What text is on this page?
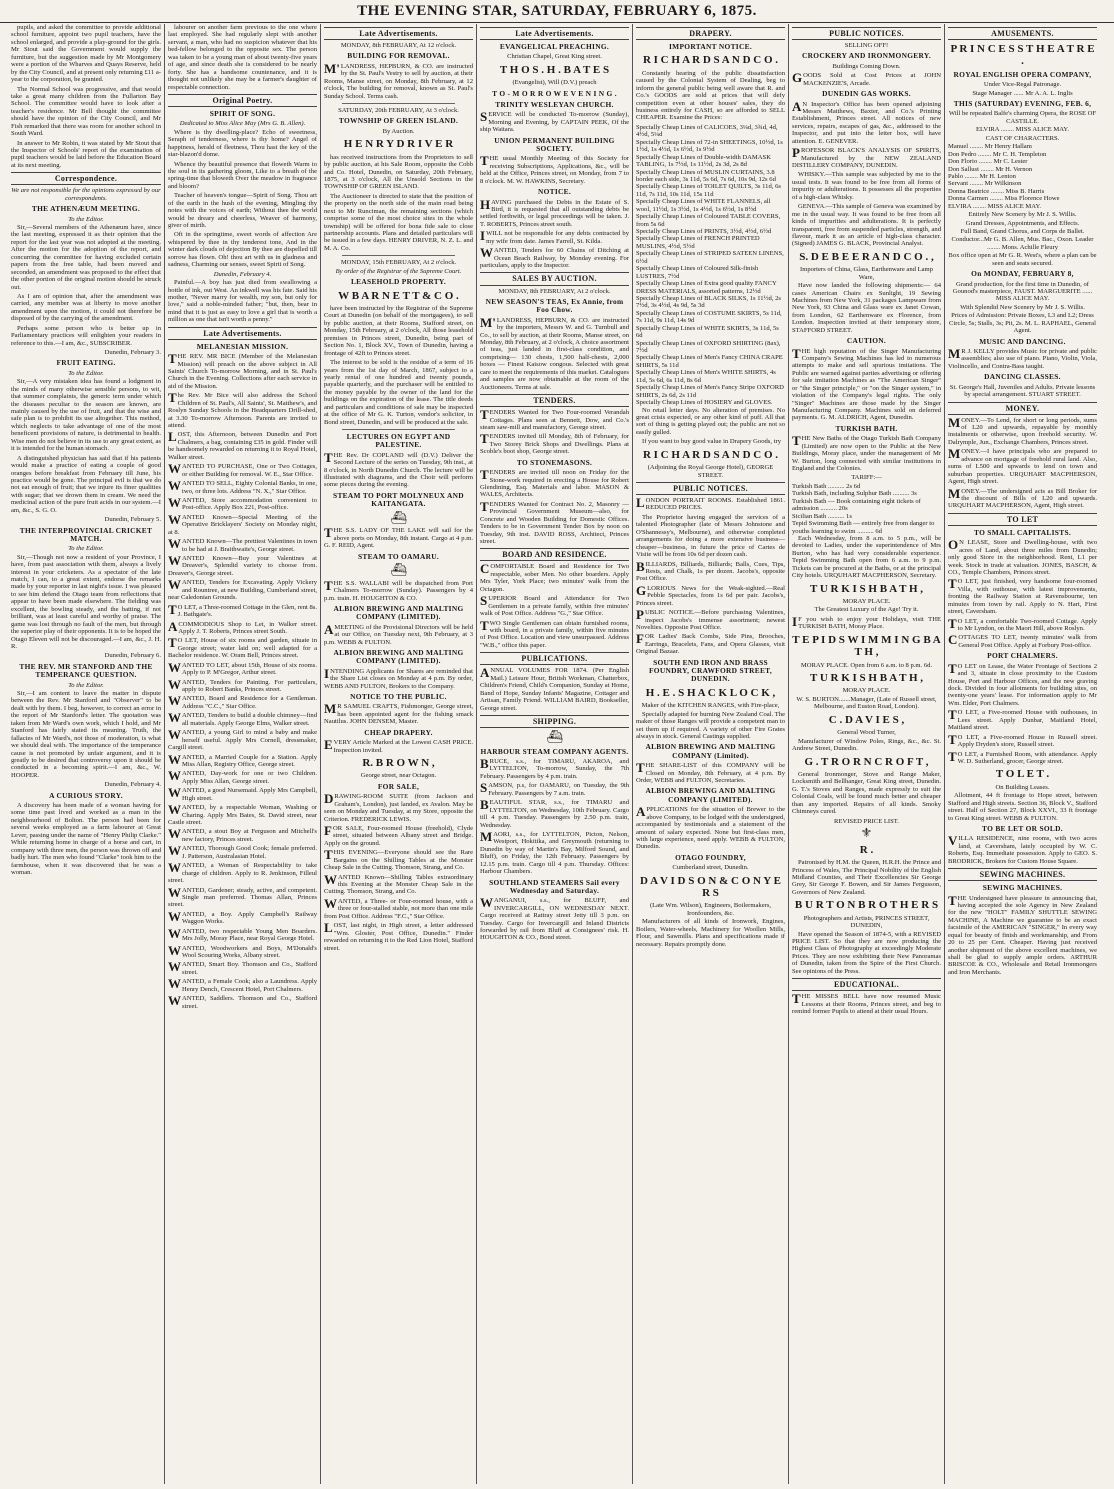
THE EVENING STAR, SATURDAY, FEBRUARY 6, 1875.
pupils, and asked the committee to provide additional school furniture, appoint two pupil teachers, have the school enlarged, and provide a play-ground for the girls. Mr Stout said the Government would supply the furniture, but the suggestion made by Mr Montgomery were a portion of the Wharves and Quays Reserve, held by the City Council, and at present only returning £11 a-year to the corporation, be granted.
The Normal School was progressive, and that would take a great many children from the Fullarton Bay School. The committee would have to look after a teacher's residence. Mr Bell thought the committee should have the opinion of the City Council, and Mr Fish remarked that there was room for another school in South Ward.
In answer to Mr Robin, it was stated by Mr Stout that the Inspector of Schools' report of the examination of pupil teachers would be laid before the Education Board at its next meeting.
Correspondence.
We are not responsible for the opinions expressed by our correspondents.
THE ATHENÆUM MEETING.
To the Editor.
Sir,—Several members of the Athenæum have, since the last meeting, expressed it as their opinion that the report for the last year was not adopted at the meeting. After the motion for the adoption of the report, and concurring the committee for having excluded certain papers from the free table, had been moved and seconded, an amendment was proposed to the effect that the other portion of the original motion should be struck out.
As I am of opinion that, after the amendment was carried, any member was at liberty to move another amendment upon the motion, it could not therefore be disposed of by the carrying of the amendment.
Perhaps some person who is better up in Parliamentary practices will enlighten your readers in reference to this.—I am, &c., SUBSCRIBER.
Dunedin, February 3.
FRUIT EATING.
To the Editor.
Sir,—A very mistaken idea has found a lodgment in the minds of many otherwise sensible persons, to wit, that summer complaints, the generic term under which the diseases peculiar to the season are known, are mainly caused by the use of fruit, and that the wise and safe plan is to prohibit its use altogether. This method, which neglects to take advantage of one of the most beneficent provisions of nature, is detrimental to health. Wise men do not believe in its use to any great extent, as it is intended for the human stomach.
A distinguished physician has said that if his patients would make a practice of eating a couple of good oranges before breakfast from February till June, his practice would be gone. The principal evil is that we do not eat enough of fruit; that we injure its finer qualities with sugar; that we drown them in cream. We need the medicinal action of the pure fruit acids in our system.—I am, &c., S. G. O.
Dunedin, February 5.
THE INTERPROVINCIAL CRICKET MATCH.
To the Editor.
Sir,—Though not now a resident of your Province, I have, from past association with them, always a lively interest in your cricketers. As a spectator of the late match, I can, to a great extent, endorse the remarks made by your reporter in last night's issue. I was pleased to see him defend the Otago team from reflections that appear to have been made elsewhere. The fielding was excellent, the bowling steady, and the batting, if not brilliant, was at least careful and worthy of praise. The game was lost through no fault of the men, but through the superior play of their opponents. It is to be hoped the Otago Eleven will not be discouraged.—I am, &c., J. H. R.
Dunedin, February 6.
THE REV. MR STANFORD AND THE TEMPERANCE QUESTION.
To the Editor.
Sir,—I am content to leave the matter in dispute between the Rev. Mr Stanford and "Observer" to be dealt with by them. I beg, however, to correct an error in the report of Mr Stanford's letter. The quotation was taken from Mr Ward's own work, which I hold, and Mr Stanford has fairly stated its meaning. Truth, the fallacies of Mr Ward's, not those of moderation, is what we should deal with. The importance of the temperance cause is not promoted by unfair argument, and it is greatly to be desired that controversy upon it should be conducted in a becoming spirit.—I am, &c., W. HOOPER.
Dunedin, February 4.
A CURIOUS STORY.
A discovery has been made of a woman having for some time past lived and worked as a man in the neighbourhood of Bolton. The person had been for several weeks employed as a farm labourer at Great Lever, passing under the name of "Henry Philip Clarke." While returning home in charge of a horse and cart, in company with three men, the person was thrown off and badly hurt. The men who found "Clarke" took him to the farmhouse, when it was discovered that he was a woman.
labourer on another farm previous to the one where last employed. She had regularly slept with another servant, a man, who had no suspicion whatever that his bed-fellow belonged to the opposite sex. The person was taken to be a young man of about twenty-five years of age, and since death she is considered to be nearly forty. She has a handsome countenance, and it is thought not unlikely she may be a farmer's daughter of respectable connection.
Original Poetry.
SPIRIT OF SONG.
Dedicated to Miss Alice May (Mrs G. B. Allen).
Where is thy dwelling-place? Echo of sweetness, Seraph of tenderness, where is thy home? Angel of happiness, herald of fleetness, Thou hast the key of the star-blazon'd dome.
Whence thy beautiful presence that floweth Warm to the soul in its gathering gloom, Like to a breath of the spring-time that bloweth Over the meadow in fragrance and bloom?
Teacher of heaven's tongue—Spirit of Song. Thou art of the earth in the hush of the evening, Mingling thy notes with the voices of earth; Without thee the world would be dreary and cheerless, Weaver of harmony, giver of mirth.
Oft in the springtime, sweet words of affection Are whispered by thee in thy tenderest tone, And in the winter dark clouds of dejection By thee are dispelled till sorrow has flown. Oh! thou art with us in gladness and sadness, Charming our senses, sweet Spirit of Song.
Dunedin, February 4.
Painful.—A boy has just died from swallowing a bottle of ink, out West. An inkwell was his fate. Said his mother, "Never marry for wealth, my son, but only for love," said a noble-minded father; "but, then, bear in mind that it is just as easy to love a girl that is worth a million as one that isn't worth a penny."
Late Advertisements.
MELANESIAN MISSION.
THE REV. MR BICE (Member of the Melanesian Mission) will preach on the above subject in All Saints' Church To-morrow Morning, and in St. Paul's Church in the Evening. Collections after each service in aid of the Mission.
The Rev. Mr Bice will also address the School Children of St. Paul's, All Saints', St. Matthew's, and Roslyn Sunday Schools in the Headquarters Drill-shed, at 3.30 To-morrow Afternoon. Parents are invited to attend.
LOST, this Afternoon, between Dunedin and Port Chalmers, a bag, containing £35 in gold. Finder will be handsomely rewarded on returning it to Royal Hotel, Walker street.
WANTED TO PURCHASE, One or Two Cottages, or either Building for removal. W. E., Star Office.
WANTED TO SELL, Eighty Colonial Banks, in one, two, or three lots. Address "N. X.," Star Office.
WANTED, Store accommodation convenient to Post-office. Apply Box 221, Post-office.
WANTED Known—Special Meeting of the Operative Bricklayers' Society on Monday night, at 8.
WANTED Known—The prettiest Valentines in town to be had at J. Braithwaite's, George street.
WANTED Known—Buy your Valentines at Dreaver's, Splendid variety to choose from. Dreaver's, George street.
WANTED, Tenders for Excavating. Apply Vickery and Rountree, at new Building, Cumberland street, near Caledonian Grounds.
TO LET, a Three-roomed Cottage in the Glen, rent 8s. J. Bathgate's.
ACOMMODIOUS Shop to Let, in Walker street. Apply J. T. Roberts, Princes street South.
TO LET, House of six rooms and garden, situate in George street; water laid on; well adapted for a Bachelor residence. W. Oram Bell, Princes street.
WANTED TO LET, about 15th, House of six rooms. Apply to P. M'Gregor, Arthur street.
WANTED, Tenders for Painting. For particulars, apply to Robert Banks, Princes street.
WANTED, Board and Residence for a Gentleman. Address "C.C.," Star Office.
WANTED, Tenders to build a double chimney—find all materials. Apply George Elms, Walker street.
WANTED, a young Girl to mind a baby and make herself useful. Apply Mrs Cornell, dressmaker, Cargill street.
WANTED, a Married Couple for a Station. Apply Miss Allan, Registry Office, George street.
WANTED, Day-work for one or two Children. Apply Miss Allan, George street.
WANTED, a good Nursemaid. Apply Mrs Campbell, High street.
WANTED, by a respectable Woman, Washing or Charing. Apply Mrs Bates, St. David street, near Castle street.
WANTED, a stout Boy at Ferguson and Mitchell's new factory, Princes street.
WANTED, Thorough Good Cook; female preferred. J. Patterson, Australasian Hotel.
WANTED, a Woman of Respectability to take charge of children. Apply to R. Jenkinson, Filleul street.
WANTED, Gardener; steady, active, and competent. Single man preferred. Thomas Allan, Princes street.
WANTED, a Boy. Apply Campbell's Railway Waggon Works.
WANTED, two respectable Young Men Boarders. Mrs Jolly, Moray Place, near Royal George Hotel.
WANTED, Woodworkers and Boys, M'Donald's Wool Scouring Works, Albany street.
WANTED, Smart Boy. Thomson and Co., Stafford street.
WANTED, a Female Cook; also a Laundress. Apply Henry Dench, Crescent Hotel, Port Chalmers.
WANTED, Saddlers. Thomson and Co., Stafford street.
Late Advertisements.
MONDAY, 8th FEBRUARY, At 12 o'clock.
BUILDING FOR REMOVAL.
M'LANDRESS, HEPBURN, & CO. are instructed by the St. Paul's Vestry to sell by auction, at their Rooms, Manse street, on Monday, 8th February, at 12 o'clock, The building for removal, known as St. Paul's Sunday School. Terms cash.
SATURDAY, 20th FEBRUARY, At 3 o'clock.
TOWNSHIP OF GREEN ISLAND.
By Auction.
H E N R Y D R I V E R
has received instructions from the Proprietors to sell by public auction, at his Sale Room, opposite the Cobb and Co. Hotel, Dunedin, on Saturday, 20th February, 1875, at 3 o'clock, All the Unsold Sections in the TOWNSHIP OF GREEN ISLAND.
The Auctioneer is directed to state that the position of the property on the north side of the main road being next to Mr Runciman, the remaining sections (which comprise some of the most choice sites in the whole township) will be offered for bona fide sale to close partnership accounts. Plans and detailed particulars will be issued in a few days. HENRY DRIVER, N. Z. L. and M. A. Co.
MONDAY, 15th FEBRUARY, At 2 o'clock.
By order of the Registrar of the Supreme Court.
LEASEHOLD PROPERTY.
W B A R N E T T & C O .
have been instructed by the Registrar of the Supreme Court at Dunedin (on behalf of the mortgagees), to sell by public auction, at their Rooms, Stafford street, on Monday, 15th February, at 2 o'clock, All those leasehold premises in Princes street, Dunedin, being part of Section No. 1, Block XV., Town of Dunedin, having a frontage of 42ft to Princes street.
The interest to be sold is the residue of a term of 16 years from the 1st day of March, 1867, subject to a yearly rental of one hundred and twenty pounds, payable quarterly, and the purchaser will be entitled to the money payable by the owner of the land for the buildings on the expiration of the lease. The title deeds and particulars and conditions of sale may be inspected at the office of Mr G. K. Turton, vendor's solicitor, in Bond street, Dunedin, and will be produced at the sale.
LECTURES ON EGYPT AND PALESTINE.
THE Rev. Dr COPLAND will (D.V.) Deliver the Second Lecture of the series on Tuesday, 9th inst., at 8 o'clock, in North Dunedin Church. The lecture will be illustrated with diagrams, and the Choir will perform some pieces during the evening.
STEAM TO PORT MOLYNEUX AND KAITANGATA.
⛴
THE S.S. LADY OF THE LAKE will sail for the above ports on Monday, 8th instant. Cargo at 4 p.m. G. F. REID, Agent.
STEAM TO OAMARU.
⛴
THE S.S. WALLABI will be dispatched from Port Chalmers To-morrow (Sunday). Passengers by 4 p.m. train. H. HOUGHTON & CO.
ALBION BREWING AND MALTING COMPANY (LIMITED).
AMEETING of the Provisional Directors will be held at our Office, on Tuesday next, 9th February, at 3 p.m. WEBB & FULTON.
ALBION BREWING AND MALTING COMPANY (LIMITED).
INTENDING Applicants for Shares are reminded that the Share List closes on Monday at 4 p.m. By order, WEBB AND FULTON, Brokers to the Company.
NOTICE TO THE PUBLIC.
MR SAMUEL CRAFTS, Fishmonger, George street, has been appointed agent for the fishing smack Nautilus. JOHN DENSEM, Master.
CHEAP DRAPERY.
EVERY Article Marked at the Lowest CASH PRICE. Inspection invited.
R. B R O W N ,
George street, near Octagon.
FOR SALE,
DRAWING-ROOM SUITE (from Jackson and Graham's, London), just landed, ex Avalon. May be seen on Monday and Tuesday, at my Store, opposite the Criterion. FREDERICK LEWIS.
FOR SALE, Four-roomed House (freehold), Clyde street, situated between Albany street and Bridge. Apply on the ground.
THIS EVENING—Everyone should see the Rare Bargains on the Shilling Tables at the Monster Cheap Sale in the Cutting. Thomson, Strang, and Co.
WANTED Known—Shilling Tables extraordinary this Evening at the Monster Cheap Sale in the Cutting. Thomson, Strang, and Co.
WANTED, a Three- or Four-roomed house, with a three or four-stalled stable, not more than one mile from Post Office. Address "F.C.," Star Office.
LOST, last night, in High street, a letter addressed "Wm. Gloster, Post Office, Dunedin." Finder rewarded on returning it to the Red Lion Hotel, Stafford street.
Late Advertisements.
EVANGELICAL PREACHING.
Christian Chapel, Great King street.
T H O S . H . B A T E S
(Evangelist), Will (D.V.) preach
T O - M O R R O W E V E N I N G .
TRINITY WESLEYAN CHURCH.
SERVICE will be conducted To-morrow (Sunday), Morning and Evening, by CAPTAIN PEEK, Of the ship Waitara.
UNION PERMANENT BUILDING SOCIETY.
THE usual Monthly Meeting of this Society for receiving Subscriptions, Applications, &c., will be held at the Office, Princes street, on Monday, from 7 to 8 o'clock. M. W. HAWKINS, Secretary.
NOTICE.
HAVING purchased the Debts in the Estate of S. Bird, it is requested that all outstanding debts be settled forthwith, or legal proceedings will be taken. J. T. ROBERTS, Princes street south.
IWILL not be responsible for any debts contracted by my wife from date. James Farrell, St. Kilda.
WANTED, Tenders for 60 Chains of Ditching at Ocean Beach Railway, by Monday evening. For particulars, apply to the Inspector.
SALES BY AUCTION.
MONDAY, 8th FEBRUARY, At 2 o'clock.
NEW SEASON'S TEAS, Ex Annie, from Foo Chow.
M'LANDRESS, HEPBURN, & CO. are instructed by the importers, Messrs W. and G. Turnbull and Co., to sell by auction, at their Rooms, Manse street, on Monday, 8th February, at 2 o'clock, A choice assortment of teas, just landed in first-class condition, and comprising— 130 chests, 1,500 half-chests, 2,000 boxes — Finest Kaisow congous. Selected with great care to meet the requirements of this market. Catalogues and samples are now obtainable at the room of the Auctioneers. Terms at sale.
TENDERS.
TENDERS Wanted for Two Four-roomed Verandah Cottages. Plans seen at Bennett, Dow, and Co.'s steam saw-mill and manufactory, George street.
TENDERS invited till Monday, 8th of February, for Two Storey Brick Shops and Dwellings. Plans at Scoble's boot shop, George street.
TO STONEMASONS.
TENDERS are invited till noon on Friday for the Stone-work required in erecting a House for Robert Glendining, Esq. Materials and labor. MASON & WALES, Architects.
TENDERS Wanted for Contract No. 2, Masonry — Provincial Government Museum—also, for Concrete and Wooden Building for Domestic Offices. Tenders to be in Government Tender Box by noon on Tuesday, 9th inst. DAVID ROSS, Architect, Princes street.
BOARD AND RESIDENCE.
COMFORTABLE Board and Residence for Two respectable, sober Men. No other boarders. Apply Mrs Tyler, York Place; two minutes' walk from the Octagon.
SUPERIOR Board and Attendance for Two Gentlemen in a private family, within five minutes' walk of Post Office. Address "G.," Star Office.
TWO Single Gentlemen can obtain furnished rooms, with board, in a private family, within five minutes of Post Office. Location and view unsurpassed. Address "W.B.," office this paper.
PUBLICATIONS.
ANNUAL VOLUMES FOR 1874. (Per English Mail.) Leisure Hour, British Workman, Chatterbox, Children's Friend, Child's Companion, Sunday at Home, Band of Hope, Sunday Infants' Magazine, Cottager and Artisan, Family Friend. WILLIAM BAIRD, Bookseller, George street.
SHIPPING.
⛴
HARBOUR STEAM COMPANY AGENTS.
BRUCE, s.s., for TIMARU, AKAROA, and LYTTELTON, To-morrow, Sunday, the 7th February. Passengers by 4 p.m. train.
SAMSON, p.s, for OAMARU, on Tuesday, the 9th February. Passengers by 7 a.m. train.
BEAUTIFUL STAR, s.s., for TIMARU and LYTTELTON, on Wednesday, 10th February. Cargo till 4 p.m. Tuesday. Passengers by 2.50 p.m. train, Wednesday.
MAORI, s.s., for LYTTELTON, Picton, Nelson, Westport, Hokitika, and Greymouth (returning to Dunedin by way of Martin's Bay, Milford Sound, and Bluff), on Friday, the 12th February. Passengers by 12.15 p.m. train. Cargo till 4 p.m. Thursday. Offices: Harbour Chambers.
SOUTHLAND STEAMERS Sail every Wednesday and Saturday.
WANGANUI, s.s., for BLUFF, and INVERCARGILL, ON WEDNESDAY NEXT. Cargo received at Rattray street Jetty till 3 p.m. on Tuesday. Cargo for Invercargill and Inland Districts forwarded by rail from Bluff at Consignees' risk. H. HOUGHTON & CO., Bond street.
DRAPERY.
IMPORTANT NOTICE.
R I C H A R D S A N D C O .
Constantly hearing of the public dissatisfaction caused by the Colonial System of Dealing, beg to inform the general public being well aware that R. and Co.'s GOODS are sold at prices that will defy competition even at other houses' sales, they do business entirely for CASH, so are afforded to SELL CHEAPER. Examine the Prices:
Specially Cheap Lines of CALICOES, 3¼d, 3¾d, 4d, 4½d, 5¼d
Specially Cheap Lines of 72-in SHEETINGS, 10½d, 1s 1½d, 1s 4½d, 1s 6½d, 1s 9½d
Specially Cheap Lines of Double-width DAMASK TABLING, 1s 7½d, 1s 11½d, 2s 3d, 2s 8d
Specially Cheap Lines of MUSLIN CURTAINS, 3.8 border each side, 3s 11d, 5s 6d, 7s 6d, 10s 9d, 12s 6d
Specially Cheap Lines of TOILET QUILTS, 3s 11d, 6s 11d, 7s 11d, 10s 11d, 15s 11d
Specially Cheap Lines of WHITE FLANNELS, all wool, 11½d, 1s 3½d, 1s 4½d, 1s 6½d, 1s 8½d
Specially Cheap Lines of Coloured TABLE COVERS, from 5s 6d
Specially Cheap Lines of PRINTS, 3½d, 4½d, 6½d
Specially Cheap Lines of FRENCH PRINTED MUSLINS, 4½d, 5½d
Specially Cheap Lines of STRIPED SATEEN LINENS, 6½d
Specially Cheap Lines of Coloured Silk-finish LUSTRES, 7½d
Specially Cheap Lines of Extra good quality FANCY DRESS MATERIALS, assorted patterns, 12½d
Specially Cheap Lines of BLACK SILKS, 1s 11½d, 2s 7½d, 3s 4½d, 4s 9d, 5s 3d
Specially Cheap Lines of COSTUME SKIRTS, 5s 11d, 7s 11d, 9s 11d, 14s 9d
Specially Cheap Lines of WHITE SKIRTS, 3s 11d, 5s 6d
Specially Cheap Lines of OXFORD SHIRTING (8ax), 7½d
Specially Cheap Lines of Men's Fancy CHINA CRAPE SHIRTS, 5s 11d
Specially Cheap Lines of Men's WHITE SHIRTS, 4s 11d, 5s 6d, 6s 11d, 8s 6d
Specially Cheap Lines of Men's Fancy Stripe OXFORD SHIRTS, 2s 6d, 2s 11d
Specially Cheap Lines of HOSIERY and GLOVES.
No retail letter days. No alteration of premises. No great crisis expected, or any other kind of puff. All that sort of thing is getting played out; the public are not so easily gulled.
If you want to buy good value in Drapery Goods, try
R I C H A R D S A N D C O .
(Adjoining the Royal George Hotel), GEORGE STREET.
PUBLIC NOTICES.
LONDON PORTRAIT ROOMS. Established 1861. REDUCED PRICES.
The Proprietor having engaged the services of a talented Photographer (late of Messrs Johnstone and O'Shannessy's, Melbourne), and otherwise completed arrangements for doing a more extensive business—cheaper—business, in future the price of Cartes de Visite will be from 10s 6d per dozen cash.
BILLIARDS, Billiards, Billiards; Balls, Cues, Tips, Rests, and Chalk, 1s per dozen. Jacobs's, opposite Post Office.
GLORIOUS News for the Weak-sighted.—Real Pebble Spectacles, from 1s 6d per pair. Jacobs's, Princes street.
PUBLIC NOTICE.—Before purchasing Valentines, inspect Jacobs's immense assortment; newest Novelties. Opposite Post Office.
FOR Ladies' Back Combs, Side Pins, Brooches, Earrings, Bracelets, Fans, and Opera Glasses, visit Original Bazaar.
SOUTH END IRON AND BRASS FOUNDRY, CRAWFORD STREET, DUNEDIN.
H . E . S H A C K L O C K ,
Maker of the KITCHEN RANGES, with Fire-place,
Specially adapted for burning New Zealand Coal. The maker of those Ranges will provide a competent man to set them up if required. A variety of other Fire Grates always in stock. General Castings supplied.
ALBION BREWING AND MALTING COMPANY (Limited).
THE SHARE-LIST of this COMPANY will be Closed on Monday, 8th February, at 4 p.m. By Order, WEBB and FULTON, Secretaries.
ALBION BREWING AND MALTING COMPANY (LIMITED).
APPLICATIONS for the situation of Brewer to the above Company, to be lodged with the undersigned, accompanied by testimonials and a statement of the amount of salary expected. None but first-class men, with large experience, need apply. WEBB & FULTON, Dunedin.
OTAGO FOUNDRY,
Cumberland street, Dunedin.
D A V I D S O N & C O N Y E R S
(Late Wm. Wilson), Engineers, Boilermakers, Ironfounders, &c.
Manufacturers of all kinds of Ironwork, Engines, Boilers, Water-wheels, Machinery for Woollen Mills, Flour, and Sawmills. Plans and specifications made if necessary. Repairs promptly done.
PUBLIC NOTICES.
SELLING OFF!
CROCKERY AND IRONMONGERY.
Buildings Coming Down.
GOODS Sold at Cost Prices at JOHN MACKENZIE'S, Arcade.
DUNEDIN GAS WORKS.
AN Inspector's Office has been opened adjoining Messrs Matthews, Baxter, and Co.'s Printing Establishment, Princes street. All notices of new services, repairs, escapes of gas, &c., addressed to the Inspector, and put into the letter box, will have attention. E. GENEVER.
PROFESSOR BLACK'S ANALYSIS OF SPIRITS, Manufactured by the NEW ZEALAND DISTILLERY COMPANY, DUNEDIN.
WHISKY.—This sample was subjected by me to the usual tests. It was found to be free from all forms of impurity or adulterations. It possesses all the properties of a high-class Whisky.
GENEVA.—This sample of Geneva was examined by me in the usual way. It was found to be free from all kinds of impurities and adulterations. It is perfectly transparent, free from suspended particles, strength, and flavour, mark it as an article of high-class character. (Signed) JAMES G. BLACK, Provincial Analyst.
S. D E B E E R A N D C O . ,
Importers of China, Glass, Earthenware and Lamp Ware,
Have now landed the following shipments:— 64 cases American Chairs ex Sunlight, 19 Sewing Machines from New York, 31 packages Lampware from New York, 93 China and Glass ware ex Janet Cowan, from London, 62 Earthenware ex Florence, from London. Inspection invited at their temporary store, STAFFORD STREET.
CAUTION.
THE high reputation of the Singer Manufacturing Company's Sewing Machines has led to numerous attempts to make and sell spurious imitations. The Public are warned against parties advertising or offering for sale imitation Machines as "The American Singer" or "the Singer principle," or "on the Singer system," in violation of the Company's legal rights. The only "Singer" Machines are those made by the Singer Manufacturing Company. Machines sold on deferred payments. G. M. ALDRICH, Agent, Dunedin.
TURKISH BATH.
THE New Baths of the Otago Turkish Bath Company (Limited) are now open to the Public at the New Buildings, Moray place, under the management of Mr W. Burton, long connected with similar institutions in England and the Colonies.
TARIFF:—
Turkish Bath .......... 2s 6d
Turkish Bath, including Sulphur Bath .......... 3s
Turkish Bath — Book containing eight tickets of admission .......... 20s
Sicilian Bath .......... 1s
Tepid Swimming Bath — entirely free from danger to youths learning to swim .......... 6d
Each Wednesday, from 8 a.m. to 5 p.m., will be devoted to Ladies, under the superintendence of Mrs Burton, who has had very considerable experience. Tepid Swimming Bath open from 6 a.m. to 9 p.m. Tickets can be procured at the Baths, or at the principal City hotels. URQUHART MACPHERSON, Secretary.
T U R K I S H B A T H ,
MORAY PLACE.
The Greatest Luxury of the Age! Try it.
IF you wish to enjoy your Holidays, visit THE TURKISH BATH, Moray Place.
T E P I D S W I M M I N G B A T H ,
MORAY PLACE. Open from 6 a.m. to 8 p.m. 6d.
T U R K I S H B A T H ,
MORAY PLACE.
W. S. BURTON.......Manager, (Late of Russell street, Melbourne, and Euston Road, London).
C . D A V I E S ,
General Wood Turner,
Manufacturer of Window Poles, Rings, &c., &c. St. Andrew Street, Dunedin.
G . T R O R N C R O F T ,
General Ironmonger, Stove and Range Maker, Locksmith and Bellhanger, Great King street, Dunedin. G. T.'s Stoves and Ranges, made expressly to suit the Colonial Coals, will be found much better and cheaper than any imported. Repairs of all kinds. Smoky Chimneys cured.
REVISED PRICE LIST.
⚜
R .
Patronised by H.M. the Queen, H.R.H. the Prince and Princess of Wales, The Principal Nobility of the English Midland Counties, and Their Excellencies Sir George Grey, Sir George F. Bowen, and Sir James Fergusson, Governors of New Zealand.
B U R T O N B R O T H E R S
Photographers and Artists, PRINCES STREET, DUNEDIN,
Have opened the Season of 1874-5, with a REVISED PRICE LIST. So that they are now producing the Highest Class of Photography at exceedingly Moderate Prices. They are now exhibiting their New Panoramas of Dunedin, taken from the Spire of the First Church. See opinions of the Press.
EDUCATIONAL.
THE MISSES BELL have now resumed Music Lessons at their Rooms, Princes street, and beg to remind former Pupils to attend at their usual Hours.
AMUSEMENTS.
P R I N C E S S T H E A T R E .
ROYAL ENGLISH OPERA COMPANY,
Under Vice-Regal Patronage.
Stage Manager ...... Mr A. A. L. Inglis
THIS (SATURDAY) EVENING, FEB. 6,
Will be repeated Balfe's charming Opera, the ROSE OF CASTILLE.
ELVIRA ........ MISS ALICE MAY.
CAST OF CHARACTERS.
Manuel ........ Mr Henry Hallam
Don Pedro ........ Mr C. H. Templeton
Don Florio ........ Mr C. Lester
Don Sallust ........ Mr H. Vernon
Pablo ........ Mr H. Lenton
Servant ........ Mr Wilkinson
Donna Beatrice ........ Miss B. Harris
Donna Carmen ........ Miss Florence Howe
ELVIRA ........ MISS ALICE MAY.
Entirely New Scenery by Mr J. S. Willis.
Grand Dresses, Appointments, and Effects.
Full Band, Grand Chorus, and Corps de Ballet.
Conductor...Mr G. B. Allen, Mus. Bac., Oxon. Leader ........ Mons. Achille Fleury
Box office open at Mr G. R. West's, where a plan can be seen and seats secured.
On MONDAY, FEBRUARY 8,
Grand production, for the first time in Dunedin, of Gounod's masterpiece, FAUST. MARGUERITE ...... MISS ALICE MAY.
With Splendid New Scenery by Mr J. S. Willis.
Prices of Admission: Private Boxes, L3 and L2; Dress Circle, 5s; Stalls, 3s; Pit, 2s. M. L. RAPHAEL, General Agent.
MUSIC AND DANCING.
MR J. KELLY provides Music for private and public assemblies; also use of piano. Piano, Violin, Viola, Violincello, and Contra-Bass taught.
DANCING CLASSES.
St. George's Hall, Juveniles and Adults. Private lessons by special arrangement. STUART STREET.
MONEY.
MONEY.—To Lend, for short or long periods, sums of L20 and upwards, repayable by monthly instalments or otherwise, upon freehold security. W. Dalrymple, Jun., Exchange Chambers, Princes street.
MONEY.—I have principals who are prepared to advance on mortgage of freehold rural land. Also, sums of L500 and upwards to lend on town and suburban properties. URQUHART MACPHERSON, Agent, High street.
MONEY.—The undersigned acts as Bill Broker for the discount of Bills of L20 and upwards. URQUHART MACPHERSON, Agent, High street.
TO LET
TO SMALL CAPITALISTS.
ON LEASE, Store and Dwelling-house, with two acres of Land, about three miles from Dunedin; only good Store in the neighborhood. Rent, L1 per week. Stock in trade at valuation. JONES, BASCH, & CO., Temple Chambers, Princes street.
TO LET, just finished, very handsome four-roomed Villa, with outhouse, with latest improvements, fronting the Railway Station at Ravensbourne, ten minutes from town by rail. Apply to N. Hart, First street, Caversham.
TO LET, a comfortable Two-roomed Cottage. Apply to Mr Lyndon, on the Maori Hill, above Roslyn.
COTTAGES TO LET, twenty minutes' walk from General Post Office. Apply at Forbury Post-office.
PORT CHALMERS.
TO LET on Lease, the Water Frontage of Sections 2 and 3, situate in close proximity to the Custom House, Port and Harbour Offices, and the new graving dock. Divided in four allotments for building sites, on twenty-one years' lease. For information apply to Mr Wm. Elder, Port Chalmers.
TO LET, a Five-roomed House with outhouses, in Lees street. Apply Dunbar, Maitland Hotel, Maitland street.
TO LET, a Five-roomed House in Russell street. Apply Dryden's store, Russell street.
TO LET, a Furnished Room, with attendance. Apply W. D. Sutherland, grocer, George street.
T O L E T .
On Building Leases.
Allotment, 44 ft frontage to Hope street, between Stafford and High streets. Section 36, Block V., Stafford street. Half of Section 27, Block XXVI., 33 ft frontage to Great King street. WEBB & FULTON.
TO BE LET OR SOLD.
VILLA RESIDENCE, nine rooms, with two acres land, at Caversham, lately occupied by W. C. Roberts, Esq. Immediate possession. Apply to GEO. S. BRODRICK, Brokers for Custom House Square.
SEWING MACHINES.
SEWING MACHINES.
THE Undersigned have pleasure in announcing that, having accepted the sole Agency in New Zealand for the new "HOLT" FAMILY SHUTTLE SEWING MACHINE, A Machine we guarantee to be an exact facsimile of the AMERICAN "SINGER," In every way equal for beauty of finish and workmanship, and From 20 to 25 per Cent. Cheaper. Having just received another shipment of the above excellent machines, we shall be glad to supply ample orders. ARTHUR BRISCOE & CO., Wholesale and Retail Ironmongers and Iron Merchants.
